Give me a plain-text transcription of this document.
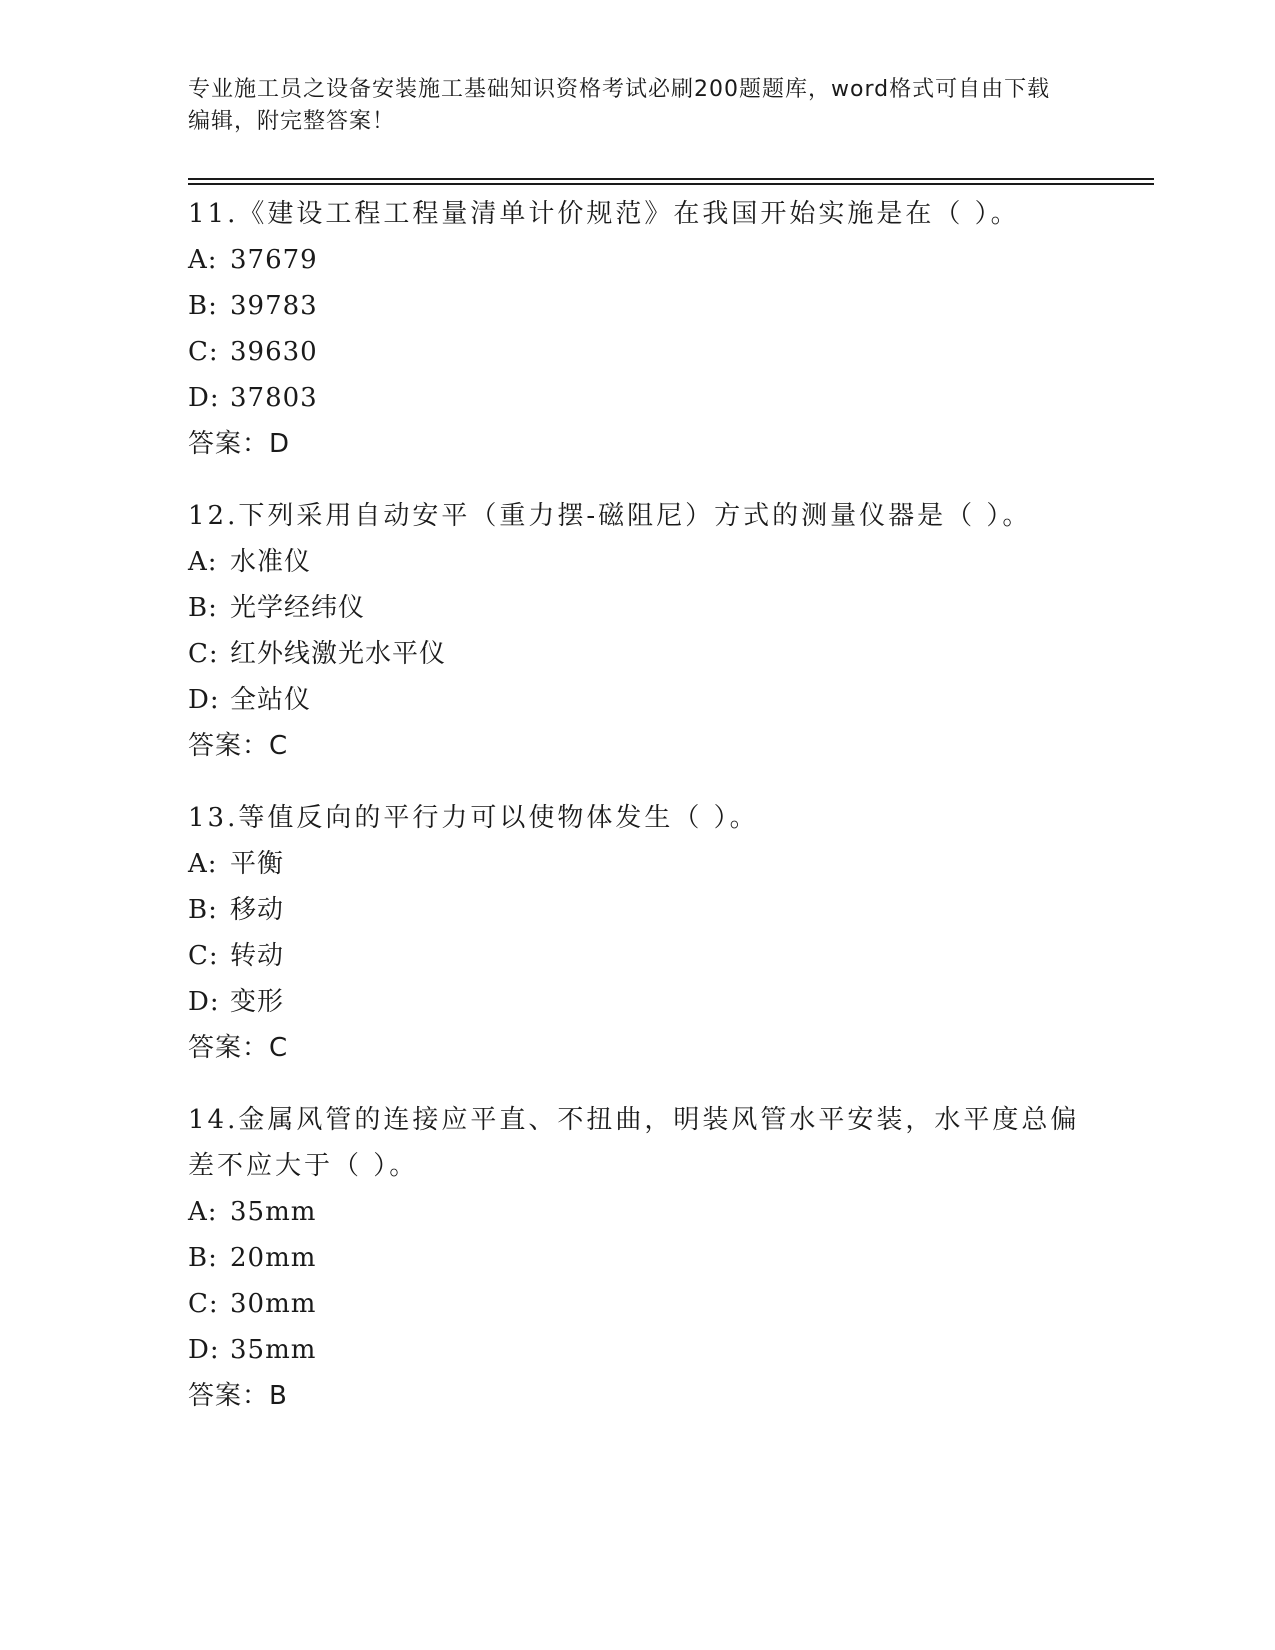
专业施工员之设备安装施工基础知识资格考试必刷200题题库，word格式可自由下载编辑，附完整答案！
11.《建设工程工程量清单计价规范》在我国开始实施是在（ ）。
A: 37679
B: 39783
C: 39630
D: 37803
答案：D
12.下列采用自动安平（重力摆-磁阻尼）方式的测量仪器是（ ）。
A: 水准仪
B: 光学经纬仪
C: 红外线激光水平仪
D: 全站仪
答案：C
13.等值反向的平行力可以使物体发生（ ）。
A: 平衡
B: 移动
C: 转动
D: 变形
答案：C
14.金属风管的连接应平直、不扭曲，明装风管水平安装，水平度总偏差不应大于（ ）。
A: 35mm
B: 20mm
C: 30mm
D: 35mm
答案：B
